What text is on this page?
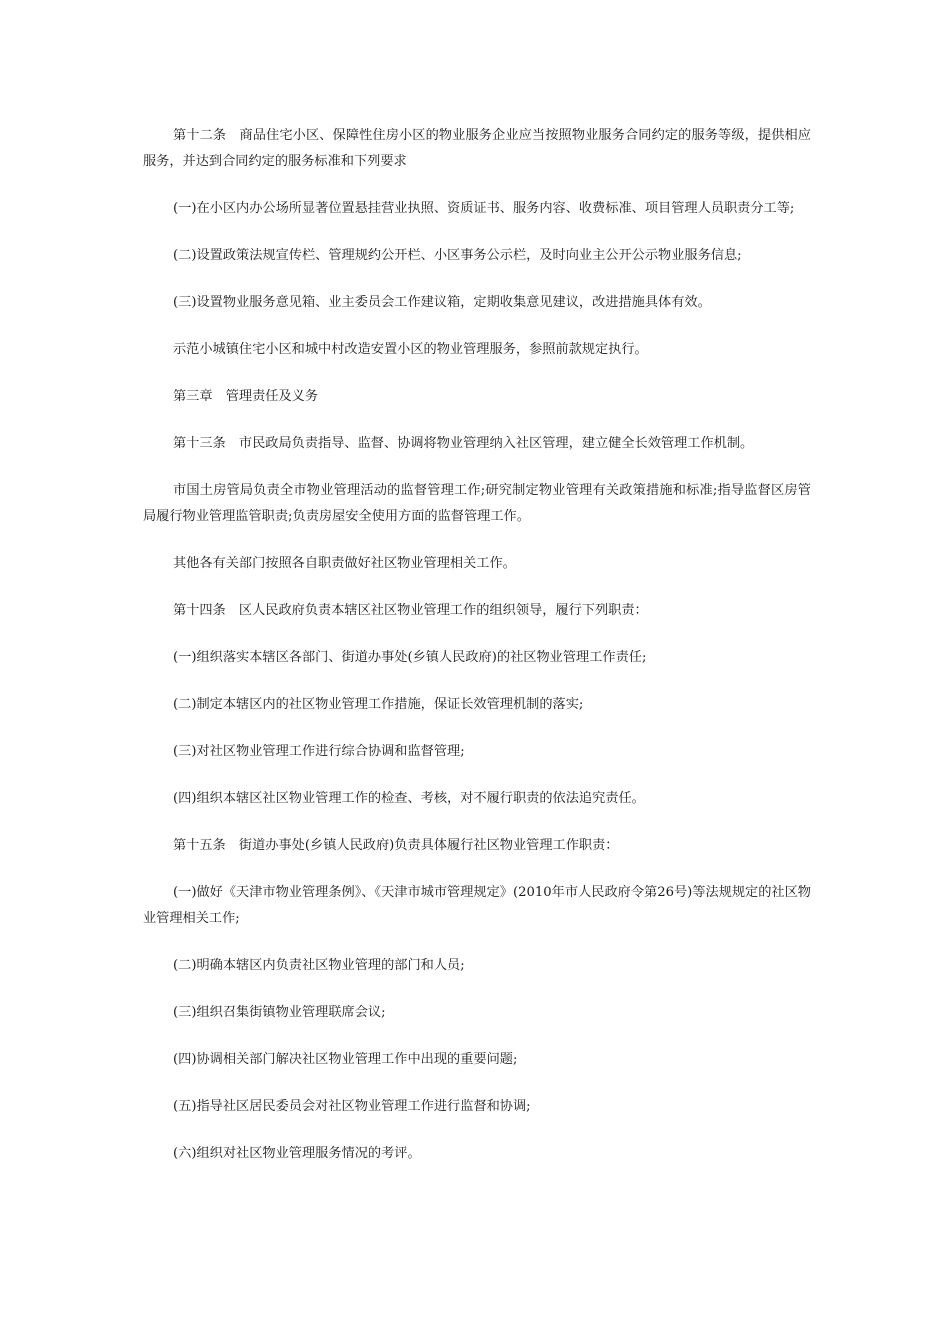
第十二条　商品住宅小区、保障性住房小区的物业服务企业应当按照物业服务合同约定的服务等级，提供相应服务，并达到合同约定的服务标准和下列要求

(一)在小区内办公场所显著位置悬挂营业执照、资质证书、服务内容、收费标准、项目管理人员职责分工等;

(二)设置政策法规宣传栏、管理规约公开栏、小区事务公示栏，及时向业主公开公示物业服务信息;

(三)设置物业服务意见箱、业主委员会工作建议箱，定期收集意见建议，改进措施具体有效。

示范小城镇住宅小区和城中村改造安置小区的物业管理服务，参照前款规定执行。

第三章　管理责任及义务

第十三条　市民政局负责指导、监督、协调将物业管理纳入社区管理，建立健全长效管理工作机制。

市国土房管局负责全市物业管理活动的监督管理工作;研究制定物业管理有关政策措施和标准;指导监督区房管局履行物业管理监管职责;负责房屋安全使用方面的监督管理工作。

其他各有关部门按照各自职责做好社区物业管理相关工作。

第十四条　区人民政府负责本辖区社区物业管理工作的组织领导，履行下列职责：

(一)组织落实本辖区各部门、街道办事处(乡镇人民政府)的社区物业管理工作责任;

(二)制定本辖区内的社区物业管理工作措施，保证长效管理机制的落实;

(三)对社区物业管理工作进行综合协调和监督管理;

(四)组织本辖区社区物业管理工作的检查、考核，对不履行职责的依法追究责任。

第十五条　街道办事处(乡镇人民政府)负责具体履行社区物业管理工作职责：

(一)做好《天津市物业管理条例》、《天津市城市管理规定》(2010年市人民政府令第26号)等法规规定的社区物业管理相关工作;

(二)明确本辖区内负责社区物业管理的部门和人员;

(三)组织召集街镇物业管理联席会议;

(四)协调相关部门解决社区物业管理工作中出现的重要问题;

(五)指导社区居民委员会对社区物业管理工作进行监督和协调;

(六)组织对社区物业管理服务情况的考评。
